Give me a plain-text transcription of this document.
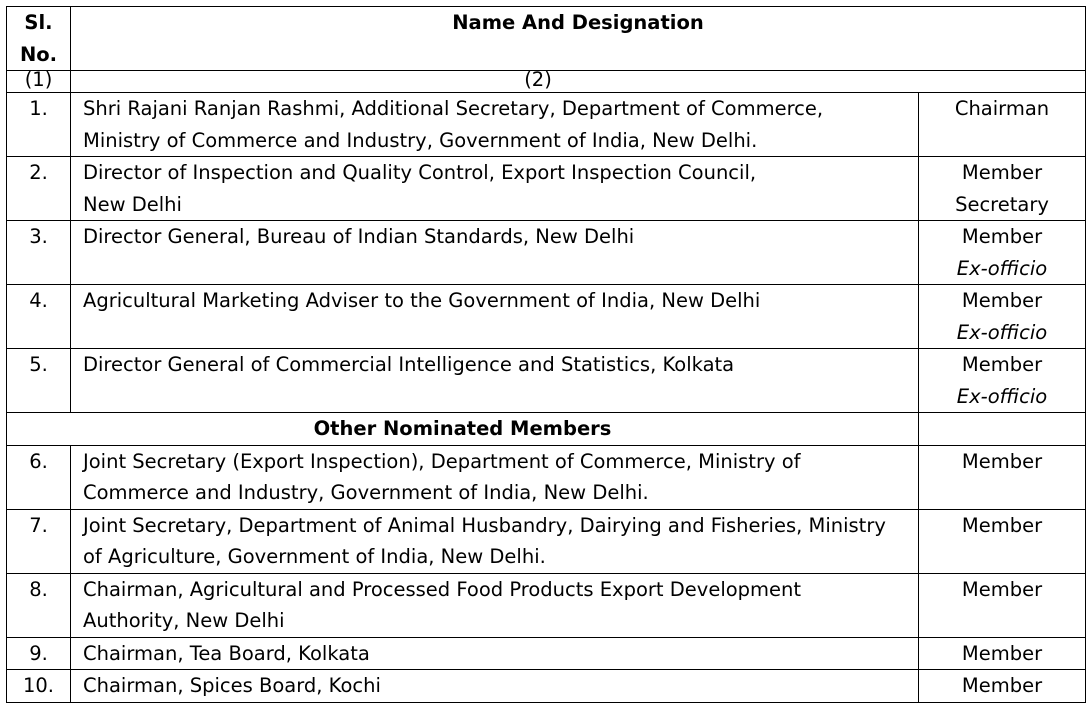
Sl.
No.	Name And Designation	
(1)	(2)	
1.	Shri Rajani Ranjan Rashmi, Additional Secretary, Department of Commerce,
Ministry of Commerce and Industry, Government of India, New Delhi.	Chairman

2.	Director of Inspection and Quality Control, Export Inspection Council,
New Delhi	Member
Secretary

3.	Director General, Bureau of Indian Standards, New Delhi	Member
Ex-officio

4.	Agricultural Marketing Adviser to the Government of India, New Delhi	Member
Ex-officio

5.	Director General of Commercial Intelligence and Statistics, Kolkata	Member
Ex-officio

Other Nominated Members		
6.	Joint Secretary (Export Inspection), Department of Commerce, Ministry of
Commerce and Industry, Government of India, New Delhi.	Member

7.	Joint Secretary, Department of Animal Husbandry, Dairying and Fisheries, Ministry
of Agriculture, Government of India, New Delhi.	Member

8.	Chairman, Agricultural and Processed Food Products Export Development
Authority, New Delhi	Member

9.	Chairman, Tea Board, Kolkata	Member

10.	Chairman, Spices Board, Kochi	Member
